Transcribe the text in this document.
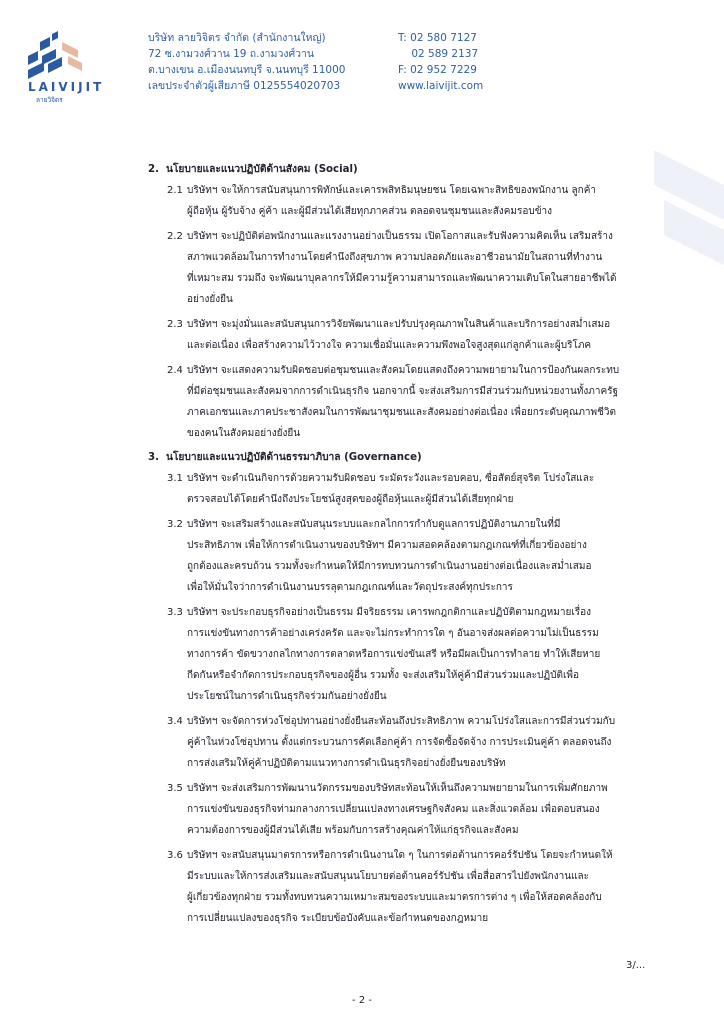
LAIVIJIT
ลายวิจิตร
บริษัท ลายวิจิตร จำกัด (สำนักงานใหญ่)
72 ซ.งามวงศ์วาน 19 ถ.งามวงศ์วาน
ต.บางเขน อ.เมืองนนทบุรี จ.นนทบุรี 11000
เลขประจำตัวผู้เสียภาษี 0125554020703
T: 02 580 7127
02 589 2137
F: 02 952 7229
www.laivijit.com
2. นโยบายและแนวปฏิบัติด้านสังคม (Social)
2.1 บริษัทฯ จะให้การสนับสนุนการพิทักษ์และเคารพสิทธิมนุษยชน โดยเฉพาะสิทธิของพนักงาน ลูกค้า
ผู้ถือหุ้น ผู้รับจ้าง คู่ค้า และผู้มีส่วนได้เสียทุกภาคส่วน ตลอดจนชุมชนและสังคมรอบข้าง
2.2 บริษัทฯ จะปฏิบัติต่อพนักงานและแรงงานอย่างเป็นธรรม เปิดโอกาสและรับฟังความคิดเห็น เสริมสร้าง
สภาพแวดล้อมในการทำงานโดยคำนึงถึงสุขภาพ ความปลอดภัยและอาชีวอนามัยในสถานที่ทำงาน
ที่เหมาะสม รวมถึง จะพัฒนาบุคลากรให้มีความรู้ความสามารถและพัฒนาความเติบโตในสายอาชีพได้
อย่างยั่งยืน
2.3 บริษัทฯ จะมุ่งมั่นและสนับสนุนการวิจัยพัฒนาและปรับปรุงคุณภาพในสินค้าและบริการอย่างสม่ำเสมอ
และต่อเนื่อง เพื่อสร้างความไว้วางใจ ความเชื่อมั่นและความพึงพอใจสูงสุดแก่ลูกค้าและผู้บริโภค
2.4 บริษัทฯ จะแสดงความรับผิดชอบต่อชุมชนและสังคมโดยแสดงถึงความพยายามในการป้องกันผลกระทบ
ที่มีต่อชุมชนและสังคมจากการดำเนินธุรกิจ นอกจากนี้ จะส่งเสริมการมีส่วนร่วมกับหน่วยงานทั้งภาครัฐ
ภาคเอกชนและภาคประชาสังคมในการพัฒนาชุมชนและสังคมอย่างต่อเนื่อง เพื่อยกระดับคุณภาพชีวิต
ของคนในสังคมอย่างยั่งยืน
3. นโยบายและแนวปฏิบัติด้านธรรมาภิบาล (Governance)
3.1 บริษัทฯ จะดำเนินกิจการด้วยความรับผิดชอบ ระมัดระวังและรอบคอบ, ซื่อสัตย์สุจริต โปร่งใสและ
ตรวจสอบได้โดยคำนึงถึงประโยชน์สูงสุดของผู้ถือหุ้นและผู้มีส่วนได้เสียทุกฝ่าย
3.2 บริษัทฯ จะเสริมสร้างและสนับสนุนระบบและกลไกการกำกับดูแลการปฏิบัติงานภายในที่มี
ประสิทธิภาพ เพื่อให้การดำเนินงานของบริษัทฯ มีความสอดคล้องตามกฎเกณฑ์ที่เกี่ยวข้องอย่าง
ถูกต้องและครบถ้วน รวมทั้งจะกำหนดให้มีการทบทวนการดำเนินงานอย่างต่อเนื่องและสม่ำเสมอ
เพื่อให้มั่นใจว่าการดำเนินงานบรรลุตามกฎเกณฑ์และวัตถุประสงค์ทุกประการ
3.3 บริษัทฯ จะประกอบธุรกิจอย่างเป็นธรรม มีจริยธรรม เคารพกฎกติกาและปฏิบัติตามกฎหมายเรื่อง
การแข่งขันทางการค้าอย่างเคร่งครัด และจะไม่กระทำการใด ๆ อันอาจส่งผลต่อความไม่เป็นธรรม
ทางการค้า ขัดขวางกลไกทางการตลาดหรือการแข่งขันเสรี หรือมีผลเป็นการทำลาย ทำให้เสียหาย
กีดกันหรือจำกัดการประกอบธุรกิจของผู้อื่น รวมทั้ง จะส่งเสริมให้คู่ค้ามีส่วนร่วมและปฏิบัติเพื่อ
ประโยชน์ในการดำเนินธุรกิจร่วมกันอย่างยั่งยืน
3.4 บริษัทฯ จะจัดการห่วงโซ่อุปทานอย่างยั่งยืนสะท้อนถึงประสิทธิภาพ ความโปร่งใสและการมีส่วนร่วมกับ
คู่ค้าในห่วงโซ่อุปทาน ตั้งแต่กระบวนการคัดเลือกคู่ค้า การจัดซื้อจัดจ้าง การประเมินคู่ค้า ตลอดจนถึง
การส่งเสริมให้คู่ค้าปฏิบัติตามแนวทางการดำเนินธุรกิจอย่างยั่งยืนของบริษัท
3.5 บริษัทฯ จะส่งเสริมการพัฒนานวัตกรรมของบริษัทสะท้อนให้เห็นถึงความพยายามในการเพิ่มศักยภาพ
การแข่งขันของธุรกิจท่ามกลางการเปลี่ยนแปลงทางเศรษฐกิจสังคม และสิ่งแวดล้อม เพื่อตอบสนอง
ความต้องการของผู้มีส่วนได้เสีย พร้อมกับการสร้างคุณค่าให้แก่ธุรกิจและสังคม
3.6 บริษัทฯ จะสนับสนุนมาตรการหรือการดำเนินงานใด ๆ ในการต่อต้านการคอร์รัปชัน โดยจะกำหนดให้
มีระบบและให้การส่งเสริมและสนับสนุนนโยบายต่อต้านคอร์รัปชัน เพื่อสื่อสารไปยังพนักงานและ
ผู้เกี่ยวข้องทุกฝ่าย รวมทั้งทบทวนความเหมาะสมของระบบและมาตรการต่าง ๆ เพื่อให้สอดคล้องกับ
การเปลี่ยนแปลงของธุรกิจ ระเบียบข้อบังคับและข้อกำหนดของกฎหมาย
3/...
- 2 -
